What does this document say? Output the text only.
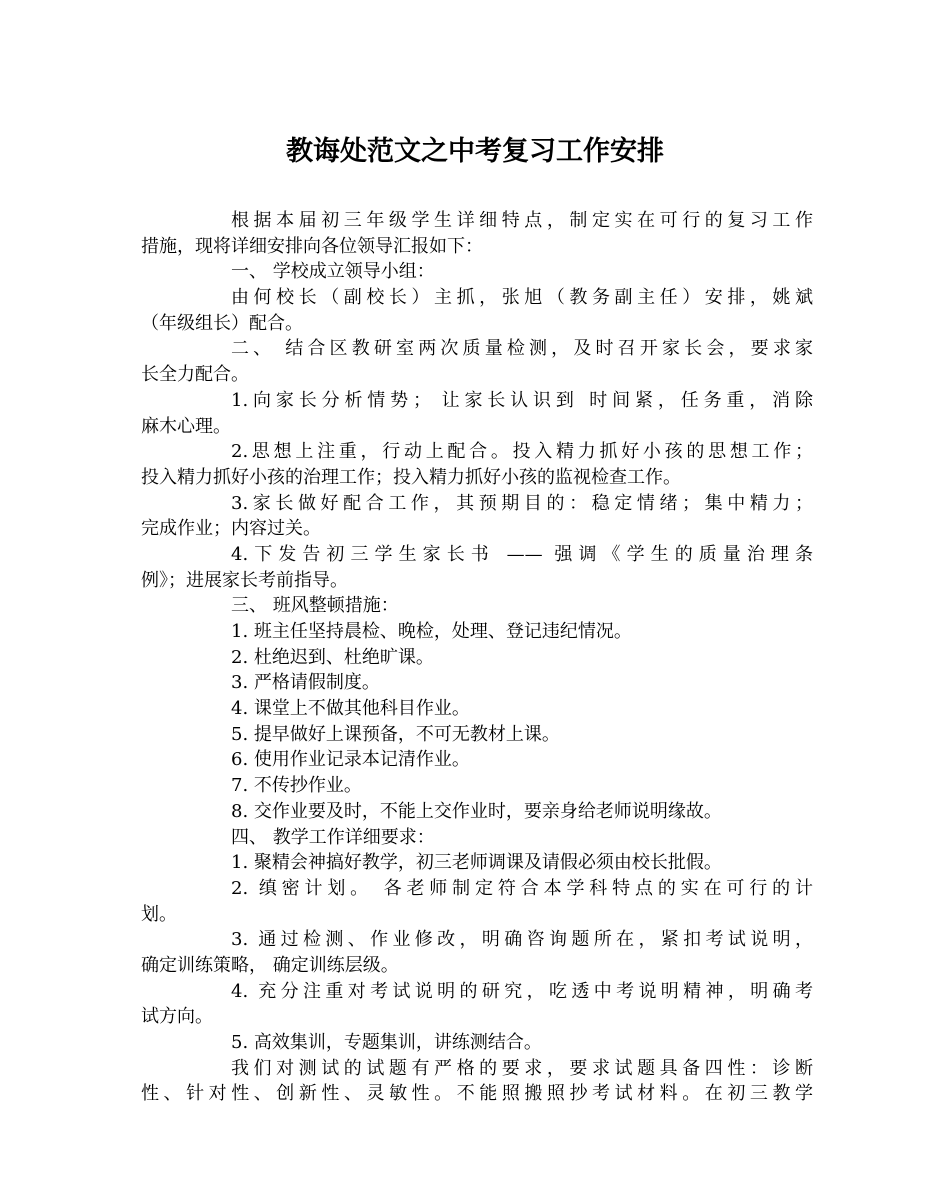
教诲处范文之中考复习工作安排
根据本届初三年级学生详细特点，制定实在可行的复习工作
措施，现将详细安排向各位领导汇报如下：
一、 学校成立领导小组：
由何校长（副校长）主抓，张旭（教务副主任）安排，姚斌
（年级组长）配合。
二、 结合区教研室两次质量检测，及时召开家长会，要求家
长全力配合。
1.向家长分析情势； 让家长认识到 时间紧，任务重，消除
麻木心理。
2.思想上注重，行动上配合。投入精力抓好小孩的思想工作；
投入精力抓好小孩的治理工作；投入精力抓好小孩的监视检查工作。
3.家长做好配合工作，其预期目的：稳定情绪；集中精力；
完成作业；内容过关。
4.下发告初三学生家长书 —— 强调《学生的质量治理条
例》；进展家长考前指导。
三、 班风整顿措施：
1. 班主任坚持晨检、晚检，处理、登记违纪情况。
2. 杜绝迟到、杜绝旷课。
3. 严格请假制度。
4. 课堂上不做其他科目作业。
5. 提早做好上课预备，不可无教材上课。
6. 使用作业记录本记清作业。
7. 不传抄作业。
8. 交作业要及时，不能上交作业时，要亲身给老师说明缘故。
四、 教学工作详细要求：
1. 聚精会神搞好教学，初三老师调课及请假必须由校长批假。
2. 缜密计划。 各老师制定符合本学科特点的实在可行的计
划。
3. 通过检测、作业修改，明确咨询题所在，紧扣考试说明，
确定训练策略， 确定训练层级。
4. 充分注重对考试说明的研究，吃透中考说明精神，明确考
试方向。
5. 高效集训，专题集训，讲练测结合。
我们对测试的试题有严格的要求，要求试题具备四性：诊断
性、针对性、创新性、灵敏性。不能照搬照抄考试材料。在初三教学
